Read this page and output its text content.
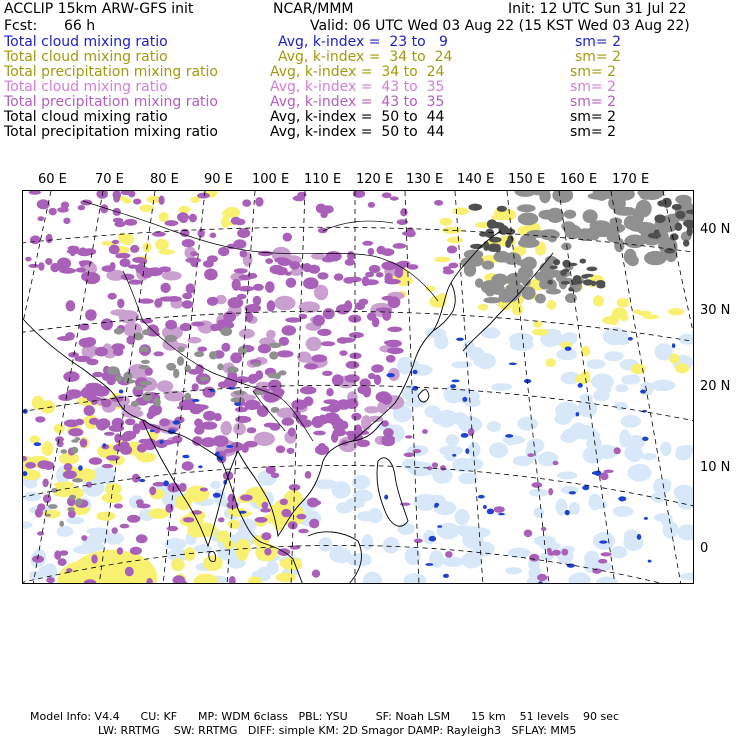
ACCLIP 15km ARW-GFS init	NCAR/MMM	Init: 12 UTC Sun 31 Jul 22
Fcst: 66 h	Valid: 06 UTC Wed 03 Aug 22 (15 KST Wed 03 Aug 22)
Total cloud mixing ratio	Avg, k-index =  23 to   9	sm= 2
Total cloud mixing ratio	Avg, k-index =  34 to  24	sm= 2
Total precipitation mixing ratio	Avg, k-index =  34 to  24	sm= 2
Total cloud mixing ratio	Avg, k-index =  43 to  35	sm= 2
Total precipitation mixing ratio	Avg, k-index =  43 to  35	sm= 2
Total cloud mixing ratio	Avg, k-index =  50 to  44	sm= 2
Total precipitation mixing ratio	Avg, k-index =  50 to  44	sm= 2
60 E 70 E 80 E 90 E 100 E 110 E 120 E 130 E 140 E 150 E 160 E 170 E
40 N
30 N
20 N
10 N
0
Model Info: V4.4      CU: KF      MP: WDM 6class   PBL: YSU        SF: Noah LSM      15 km    51 levels    90 sec
LW: RRTMG    SW: RRTMG   DIFF: simple KM: 2D Smagor DAMP: Rayleigh3   SFLAY: MM5
